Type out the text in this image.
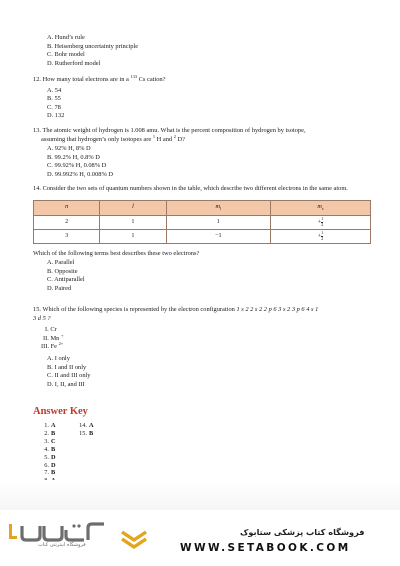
A. Hund’s rule
B. Heisenberg uncertainty principle
C. Bohr model
D. Rutherford model
12. How many total electrons are in a $^{133}$ Cs cation?
A. 54
B. 55
C. 78
D. 132
13. The atomic weight of hydrogen is 1.008 amu. What is the percent composition of hydrogen by isotope,
assuming that hydrogen’s only isotopes are $^1$ H and $^2$ D?
A. 92% H, 8% D
B. 99.2% H, 0.8% D
C. 99.92% H, 0.08% D
D. 99.992% H, 0.008% D
14. Consider the two sets of quantum numbers shown in the table, which describe two different electrons in the same atom.
n	l	$m_l$	$m_s$
2	1	1	+ $\frac{1}{2}$

3	1	−1	+ $\frac{1}{2}$
Which of the following terms best describes these two electrons?
A. Parallel
B. Opposite
C. Antiparallel
D. Paired
15. Which of the following species is represented by the electron configuration 1 s 2 2 s 2 2 p 6 3 s 2 3 p 6 4 s 1
3 d 5 ?
I. Cr
II. Mn +
III. Fe $^{2+}$
A. I only
B. I and II only
C. II and III only
D. I, II, and III
Answer Key
1. A
2. B
3. C
4. B
5. D
6. D
7. B
14. A
15. B
فروشگاه اینترنتی کتاب
فروشگاه کتاب پزشکی ستابوک
WWW.SETABOOK.COM
